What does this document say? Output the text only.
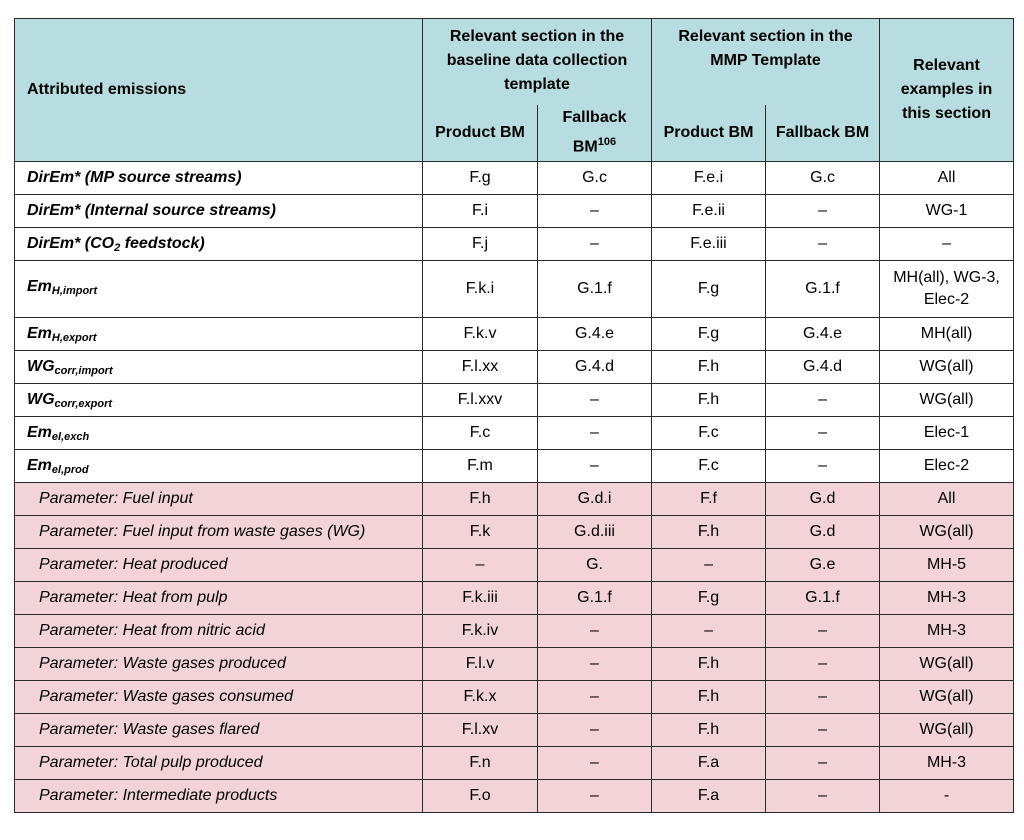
Attributed emissions	Relevant section in the baseline data collection template		Relevant section in the MMP Template		Relevant examples in this section
	Product BM	Fallback BM$^{106}$	Product BM	Fallback BM	
DirEm* (MP source streams)	F.g	G.c	F.e.i	G.c	All
DirEm* (Internal source streams)	F.i	–	F.e.ii	–	WG-1
DirEm* ($CO_2$ feedstock)	F.j	–	F.e.iii	–	–
$Em_{H,import}$	F.k.i	G.1.f	F.g	G.1.f	MH(all), WG-3, Elec-2
$Em_{H,export}$	F.k.v	G.4.e	F.g	G.4.e	MH(all)
$WG_{corr,import}$	F.l.xx	G.4.d	F.h	G.4.d	WG(all)
$WG_{corr,export}$	F.l.xxv	–	F.h	–	WG(all)
$Em_{el,exch}$	F.c	–	F.c	–	Elec-1
$Em_{el,prod}$	F.m	–	F.c	–	Elec-2
Parameter: Fuel input	F.h	G.d.i	F.f	G.d	All
Parameter: Fuel input from waste gases (WG)	F.k	G.d.iii	F.h	G.d	WG(all)
Parameter: Heat produced	–	G.	–	G.e	MH-5
Parameter: Heat from pulp	F.k.iii	G.1.f	F.g	G.1.f	MH-3
Parameter: Heat from nitric acid	F.k.iv	–	–	–	MH-3
Parameter: Waste gases produced	F.l.v	–	F.h	–	WG(all)
Parameter: Waste gases consumed	F.k.x	–	F.h	–	WG(all)
Parameter: Waste gases flared	F.l.xv	–	F.h	–	WG(all)
Parameter: Total pulp produced	F.n	–	F.a	–	MH-3
Parameter: Intermediate products	F.o	–	F.a	–	-
